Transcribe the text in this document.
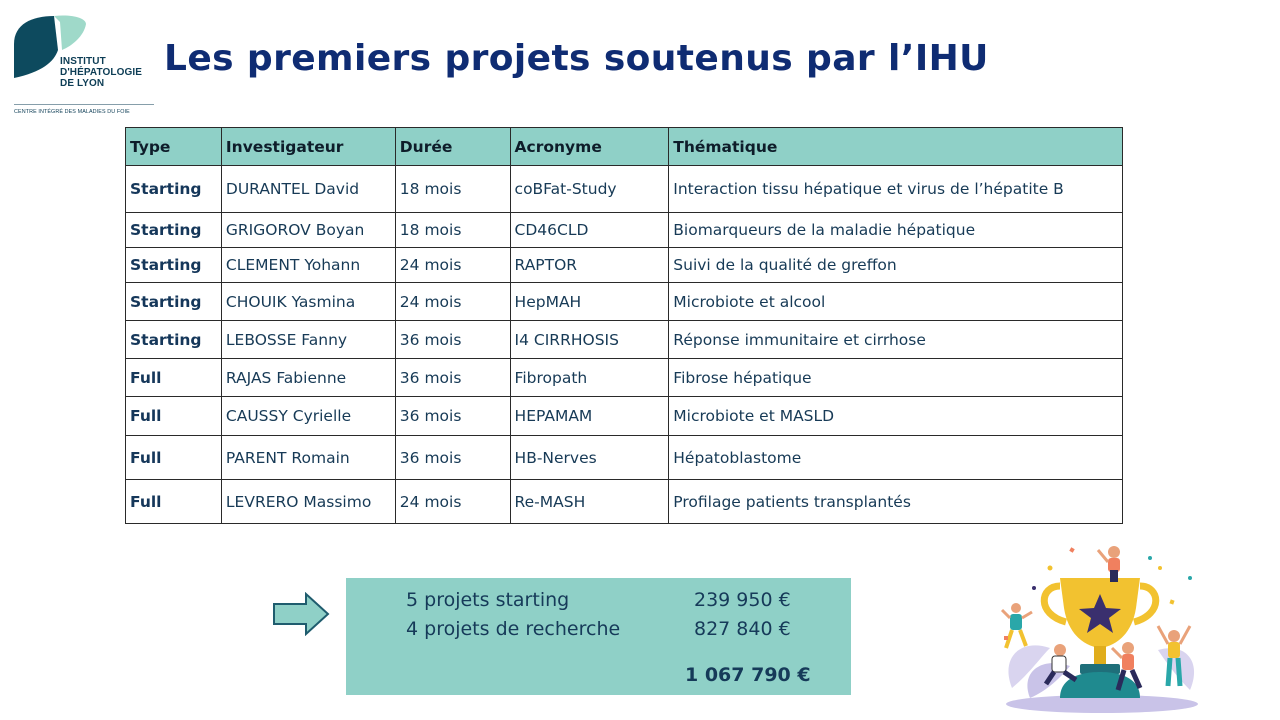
INSTITUT
D'HÉPATOLOGIE
DE LYON
CENTRE INTÉGRÉ DES MALADIES DU FOIE
Les premiers projets soutenus par l’IHU
Type	Investigateur	Durée	Acronyme	Thématique
Starting	DURANTEL David	18 mois	coBFat-Study	Interaction tissu hépatique et virus de l’hépatite B
Starting	GRIGOROV Boyan	18 mois	CD46CLD	Biomarqueurs de la maladie hépatique
Starting	CLEMENT Yohann	24 mois	RAPTOR	Suivi de la qualité de greffon
Starting	CHOUIK Yasmina	24 mois	HepMAH	Microbiote et alcool
Starting	LEBOSSE Fanny	36 mois	I4 CIRRHOSIS	Réponse immunitaire et cirrhose
Full	RAJAS Fabienne	36 mois	Fibropath	Fibrose hépatique
Full	CAUSSY Cyrielle	36 mois	HEPAMAM	Microbiote et MASLD
Full	PARENT Romain	36 mois	HB-Nerves	Hépatoblastome
Full	LEVRERO Massimo	24 mois	Re-MASH	Profilage patients transplantés
5 projets starting	239 950 €
4 projets de recherche	827 840 €
1 067 790 €
